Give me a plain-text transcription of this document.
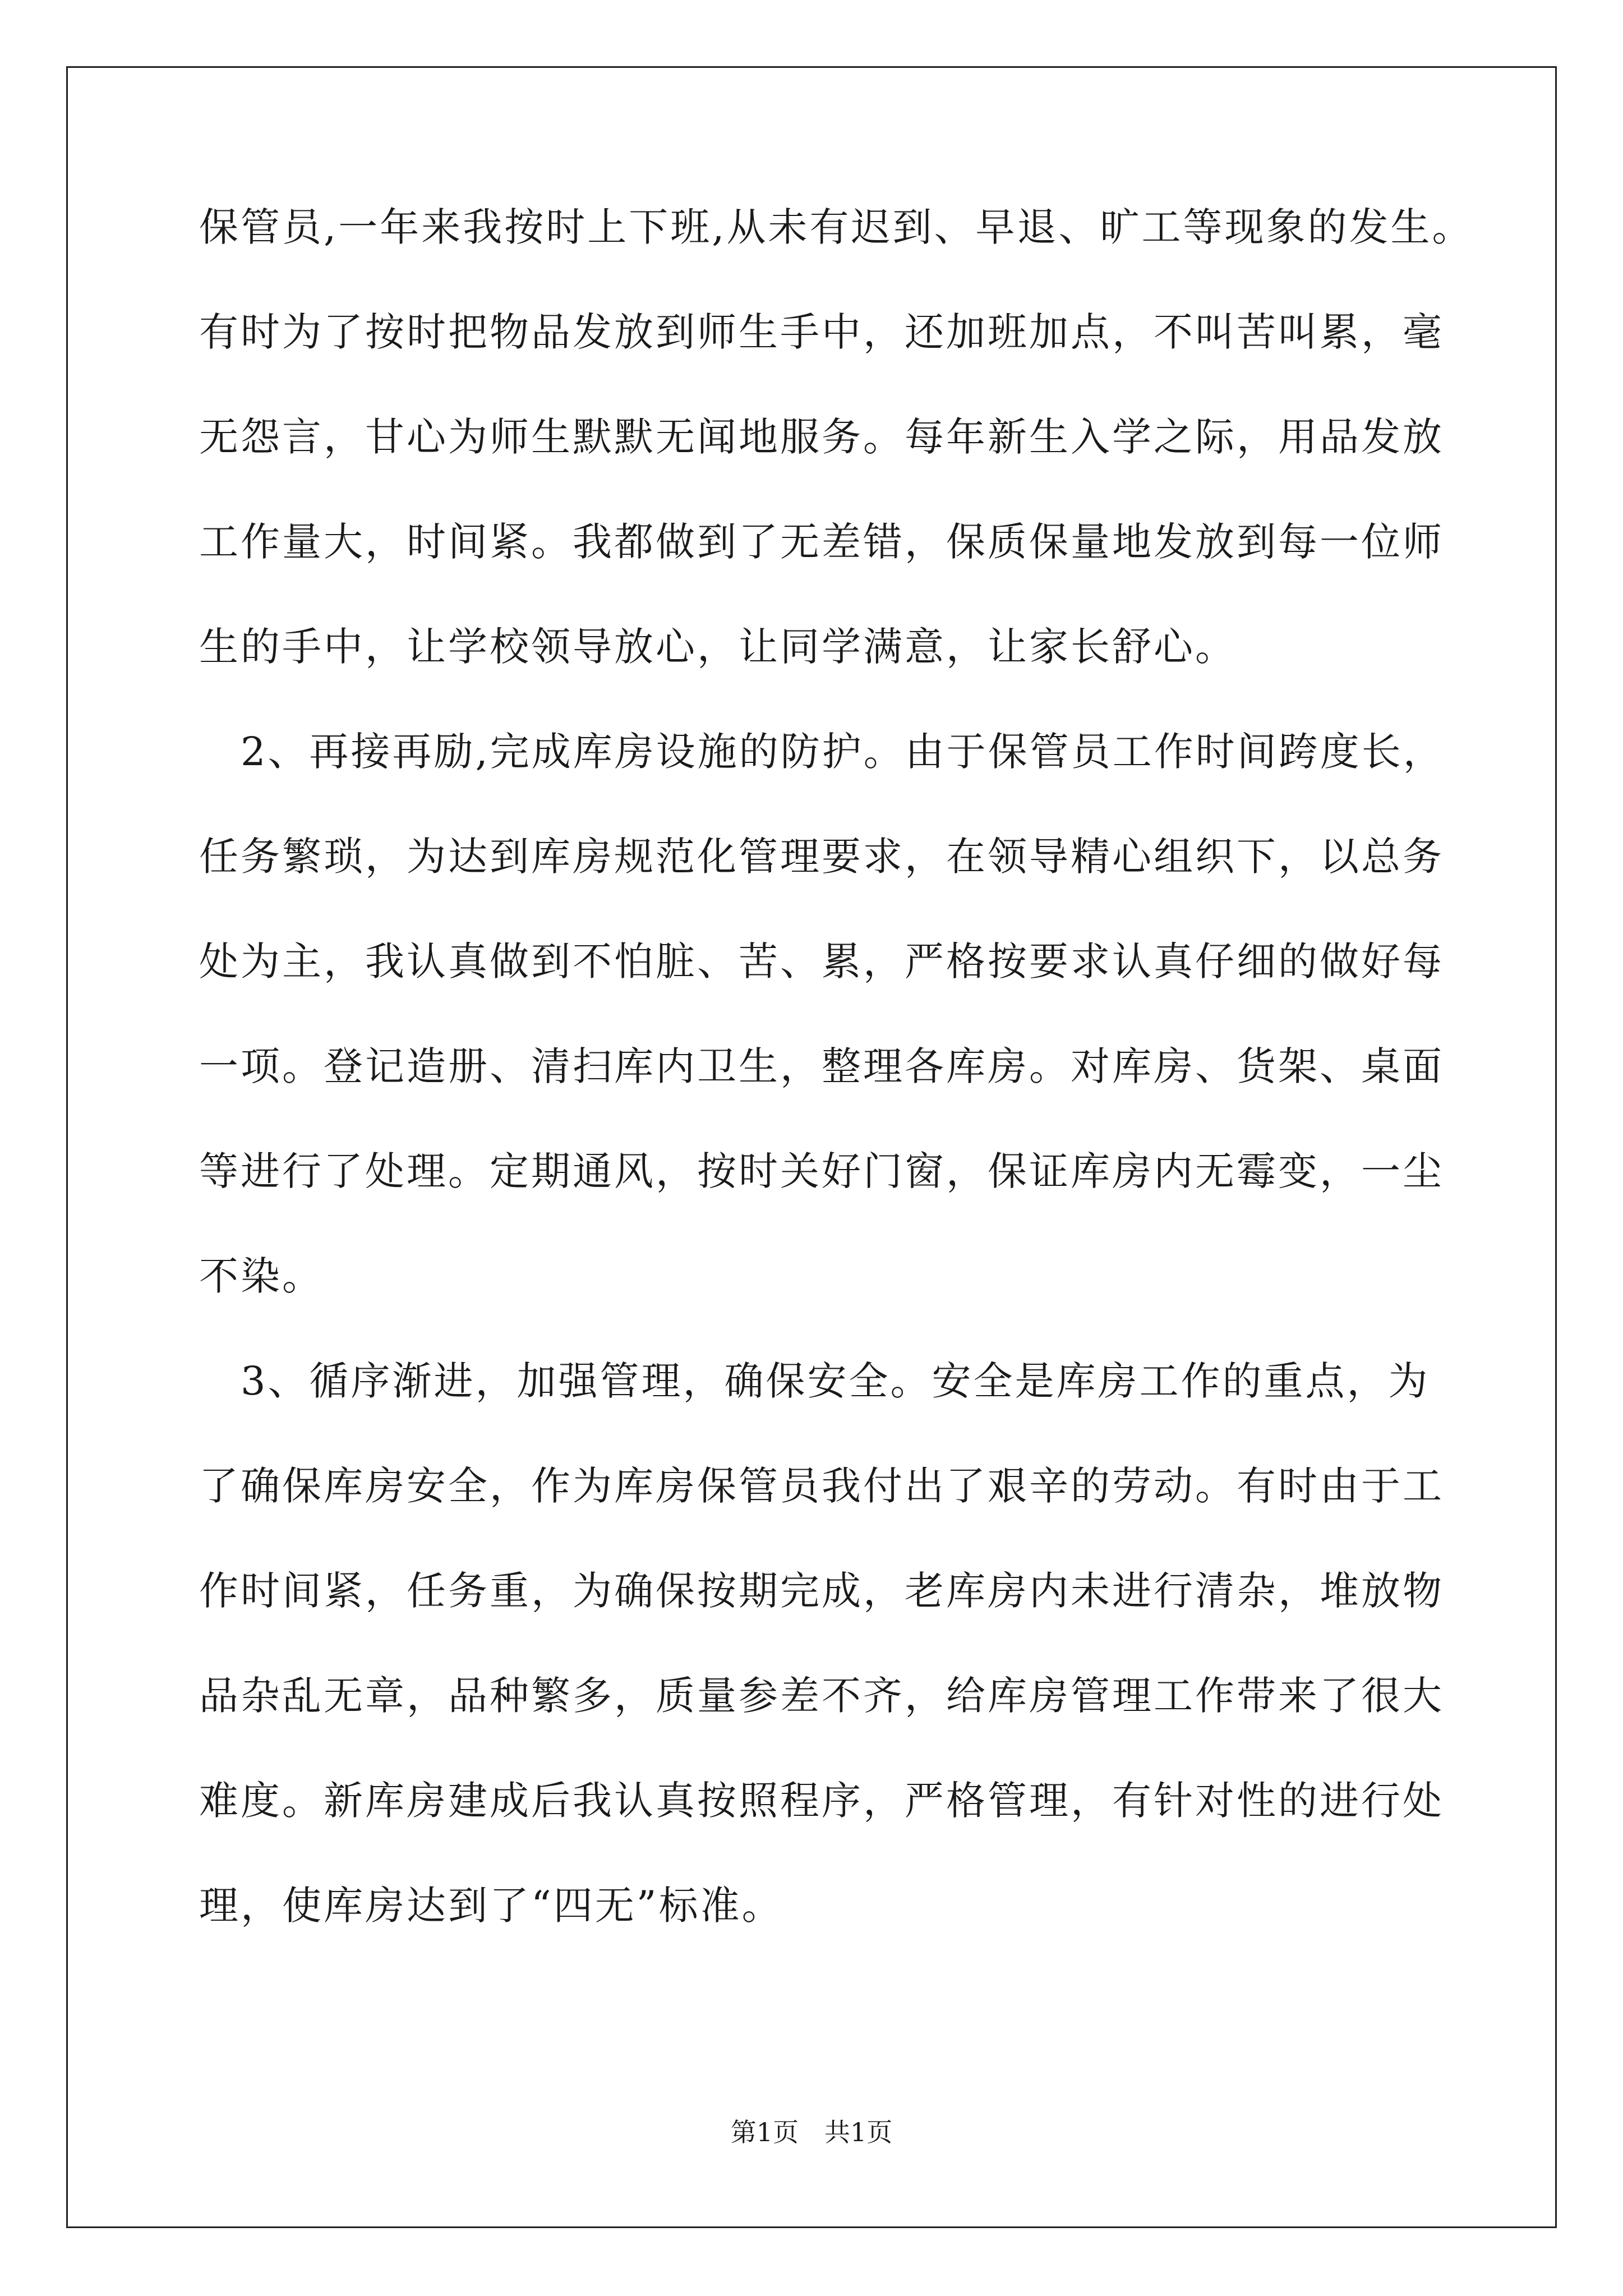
保管员,一年来我按时上下班,从未有迟到、早退、旷工等现象的发生。
有时为了按时把物品发放到师生手中，还加班加点，不叫苦叫累，毫
无怨言，甘心为师生默默无闻地服务。每年新生入学之际，用品发放
工作量大，时间紧。我都做到了无差错，保质保量地发放到每一位师
生的手中，让学校领导放心，让同学满意，让家长舒心。
　2、再接再励,完成库房设施的防护。由于保管员工作时间跨度长，
任务繁琐，为达到库房规范化管理要求，在领导精心组织下，以总务
处为主，我认真做到不怕脏、苦、累，严格按要求认真仔细的做好每
一项。登记造册、清扫库内卫生，整理各库房。对库房、货架、桌面
等进行了处理。定期通风，按时关好门窗，保证库房内无霉变，一尘
不染。
　3、循序渐进，加强管理，确保安全。安全是库房工作的重点，为
了确保库房安全，作为库房保管员我付出了艰辛的劳动。有时由于工
作时间紧，任务重，为确保按期完成，老库房内未进行清杂，堆放物
品杂乱无章，品种繁多，质量参差不齐，给库房管理工作带来了很大
难度。新库房建成后我认真按照程序，严格管理，有针对性的进行处
理，使库房达到了“四无”标准。
第1页　共1页
